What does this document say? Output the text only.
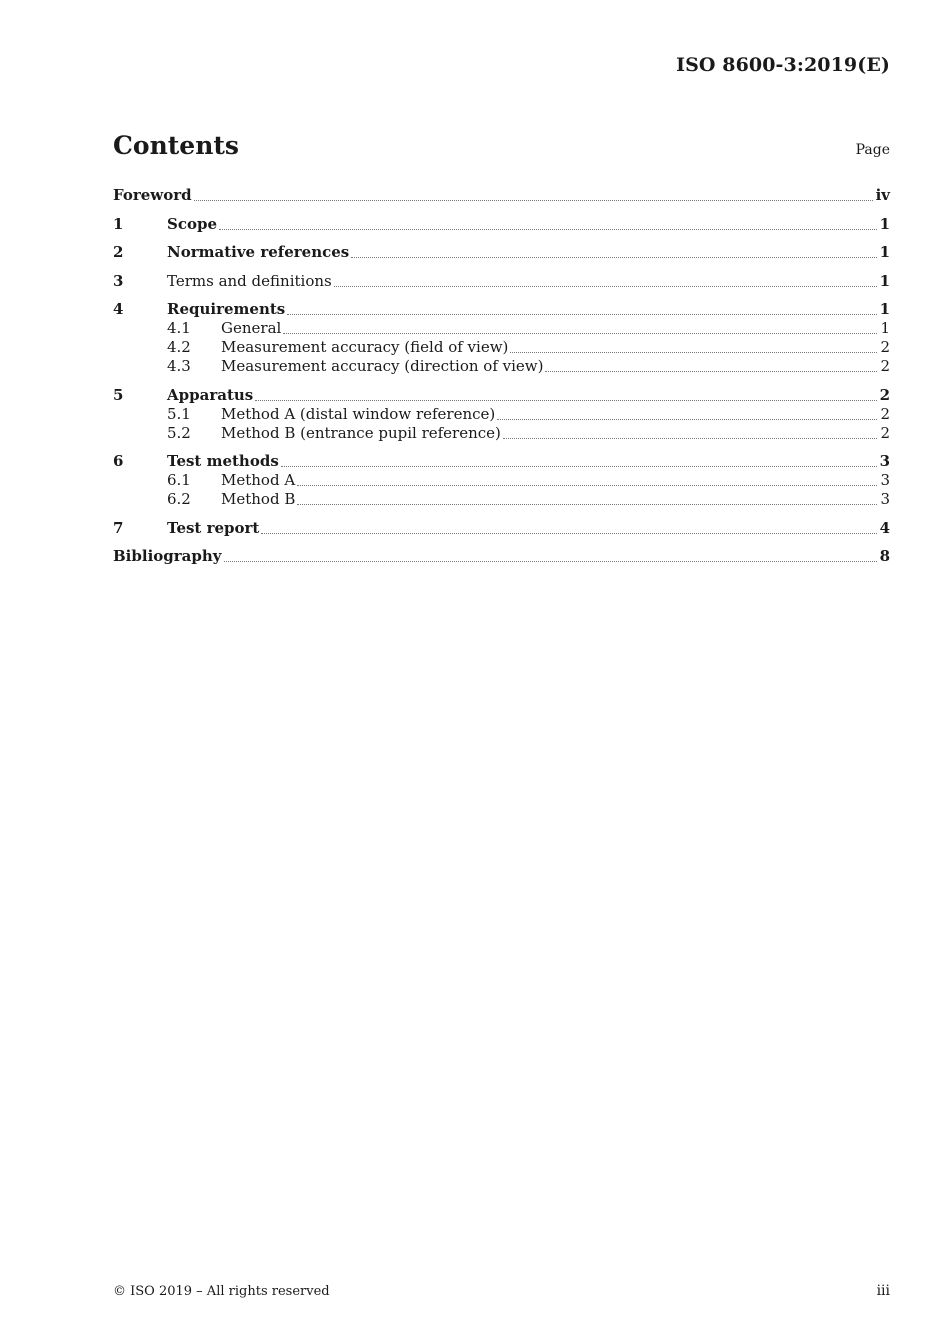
ISO 8600-3:2019(E)
Contents	Page
Foreword	iv
1	Scope	1
2	Normative references	1
3	Terms and definitions	1
4	Requirements	1
4.1	General	1
4.2	Measurement accuracy (field of view)	2
4.3	Measurement accuracy (direction of view)	2
5	Apparatus	2
5.1	Method A (distal window reference)	2
5.2	Method B (entrance pupil reference)	2
6	Test methods	3
6.1	Method A	3
6.2	Method B	3
7	Test report	4
Bibliography	8
© ISO 2019 – All rights reserved	iii
